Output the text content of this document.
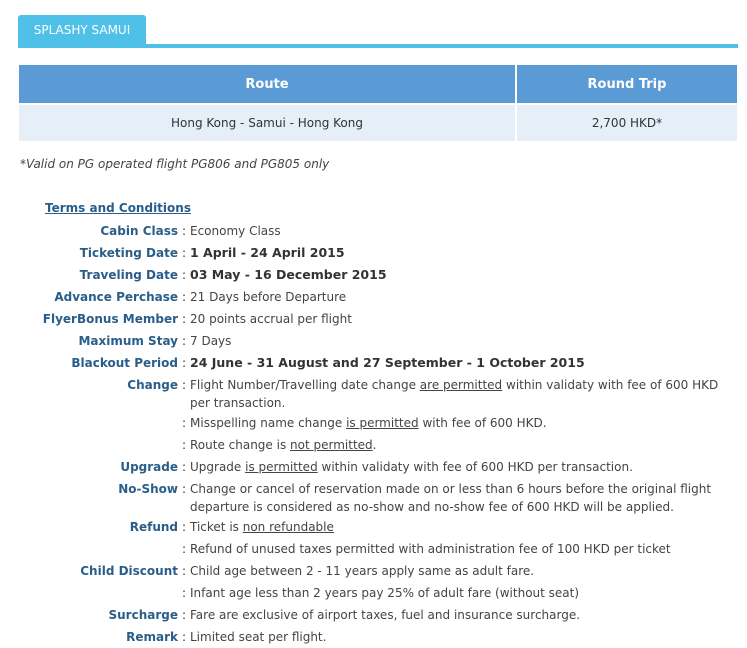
SPLASHY SAMUI
Route	Round Trip
Hong Kong - Samui - Hong Kong	2,700 HKD*
*Valid on PG operated flight PG806 and PG805 only
Terms and Conditions
Cabin Class : Economy Class
Ticketing Date : 1 April - 24 April 2015
Traveling Date : 03 May - 16 December 2015
Advance Perchase : 21 Days before Departure
FlyerBonus Member : 20 points accrual per flight
Maximum Stay : 7 Days
Blackout Period : 24 June - 31 August and 27 September - 1 October 2015
Change : Flight Number/Travelling date change are permitted within validaty with fee of 600 HKD per transaction.
: Misspelling name change is permitted with fee of 600 HKD.
: Route change is not permitted.
Upgrade : Upgrade is permitted within validaty with fee of 600 HKD per transaction.
No-Show : Change or cancel of reservation made on or less than 6 hours before the original flight departure is considered as no-show and no-show fee of 600 HKD will be applied.
Refund : Ticket is non refundable
: Refund of unused taxes permitted with administration fee of 100 HKD per ticket
Child Discount : Child age between 2 - 11 years apply same as adult fare.
: Infant age less than 2 years pay 25% of adult fare (without seat)
Surcharge : Fare are exclusive of airport taxes, fuel and insurance surcharge.
Remark : Limited seat per flight.
